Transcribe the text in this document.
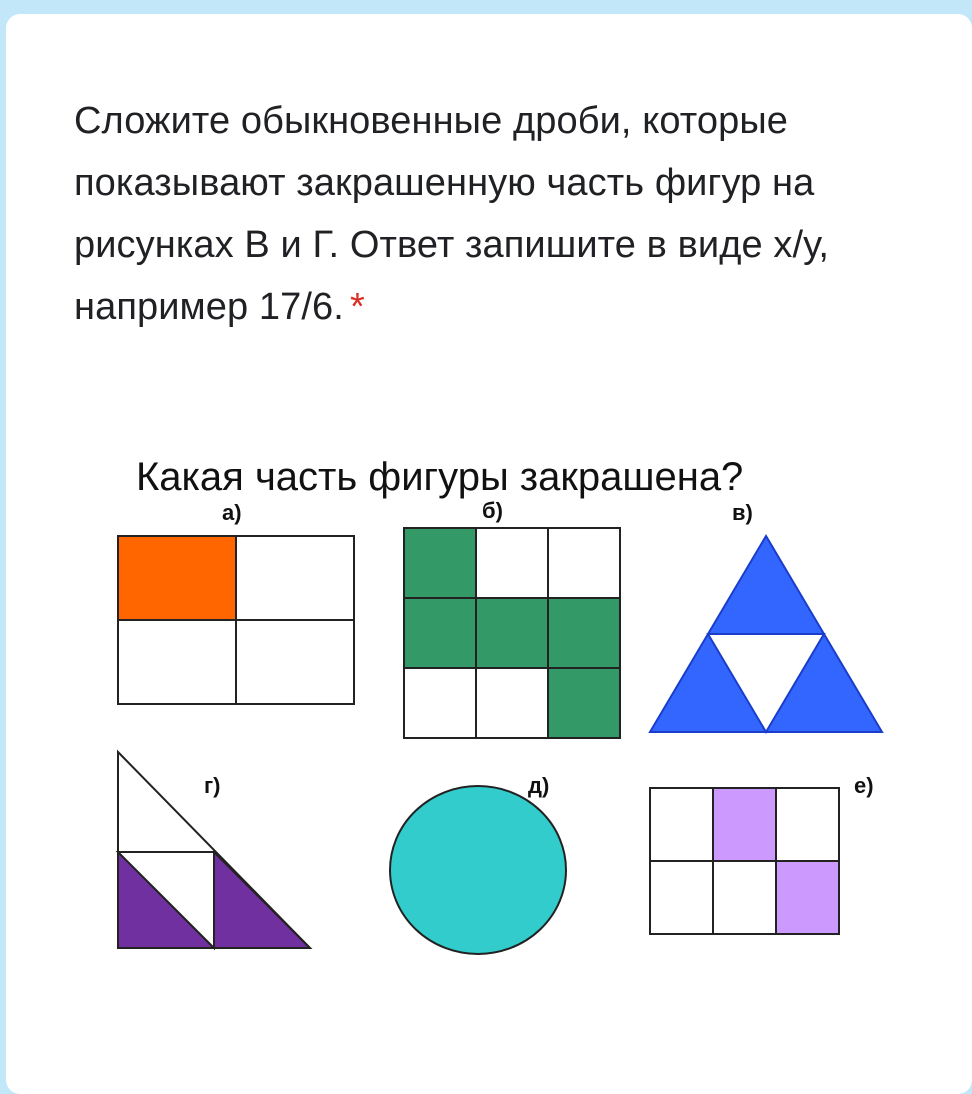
Сложите обыкновенные дроби, которые показывают закрашенную часть фигур на рисунках В и Г. Ответ запишите в виде х/у, например 17/6. *
Какая часть фигуры закрашена?
а)	б)	в)
г)	д)	е)
